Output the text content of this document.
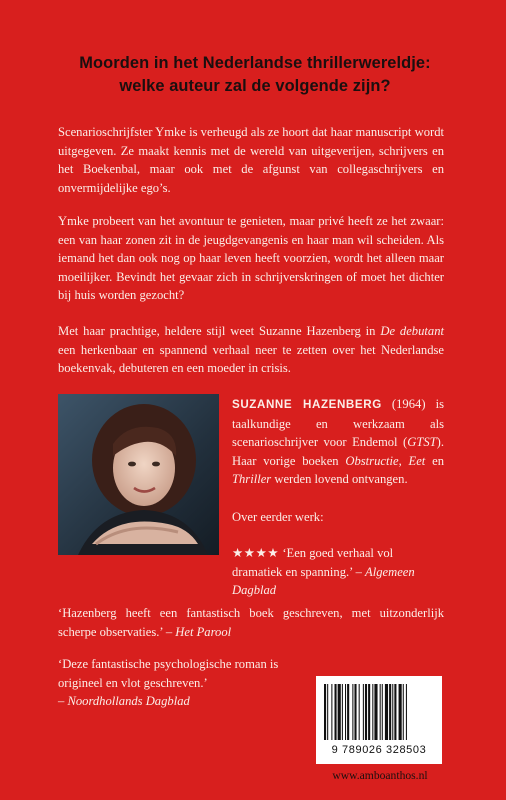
Moorden in het Nederlandse thrillerwereldje:
welke auteur zal de volgende zijn?

Scenarioschrijfster Ymke is verheugd als ze hoort dat haar manuscript wordt uitgegeven. Ze maakt kennis met de wereld van uitgeverijen, schrijvers en het Boekenbal, maar ook met de afgunst van collegaschrijvers en onvermijdelijke ego’s.

Ymke probeert van het avontuur te genieten, maar privé heeft ze het zwaar: een van haar zonen zit in de jeugdgevangenis en haar man wil scheiden. Als iemand het dan ook nog op haar leven heeft voorzien, wordt het alleen maar moeilijker. Bevindt het gevaar zich in schrijverskringen of moet het dichter bij huis worden gezocht?

Met haar prachtige, heldere stijl weet Suzanne Hazenberg in De debutant een herkenbaar en spannend verhaal neer te zetten over het Nederlandse boekenvak, debuteren en een moeder in crisis.

SUZANNE HAZENBERG (1964) is taalkundige en werkzaam als scenarioschrijver voor Endemol (GTST). Haar vorige boeken Obstructie, Eet en Thriller werden lovend ontvangen.

Over eerder werk:

★★★★ ‘Een goed verhaal vol dramatiek en spanning.’ – Algemeen Dagblad

‘Hazenberg heeft een fantastisch boek geschreven, met uitzonderlijk scherpe observaties.’ – Het Parool

‘Deze fantastische psychologische roman is origineel en vlot geschreven.’
– Noordhollands Dagblad

9 789026 328503

www.amboanthos.nl
